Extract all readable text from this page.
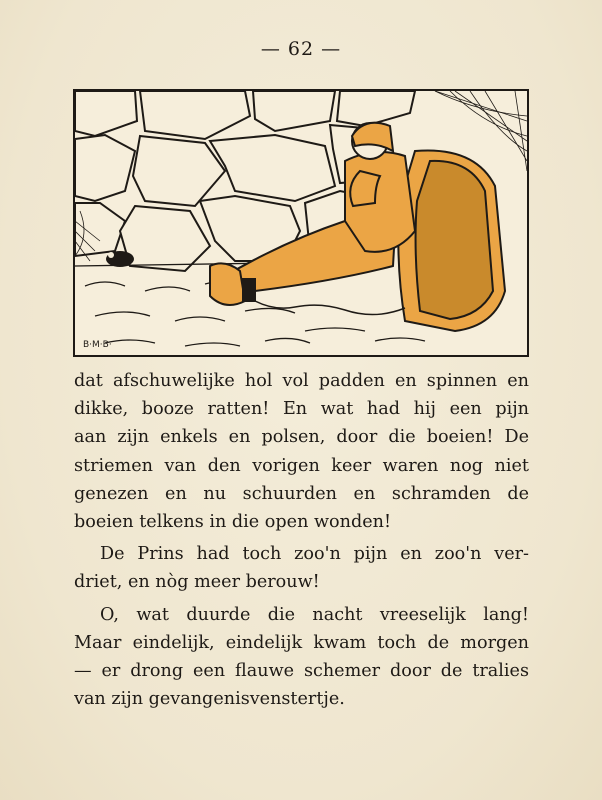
— 62 —
B·M·B·
dat afschuwelijke hol vol padden en spinnen en
dikke, booze ratten! En wat had hij een pijn
aan zijn enkels en polsen, door die boeien! De
striemen van den vorigen keer waren nog niet
genezen en nu schuurden en schramden de
boeien telkens in die open wonden!
De Prins had toch zoo'n pijn en zoo'n ver-
driet, en nòg meer berouw!
O, wat duurde die nacht vreeselijk lang!
Maar eindelijk, eindelijk kwam toch de morgen
— er drong een flauwe schemer door de tralies
van zijn gevangenisvenstertje.
